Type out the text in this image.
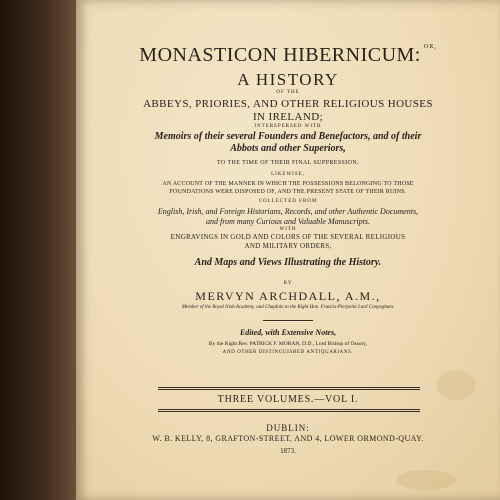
MONASTICON HIBERNICUM: $^{OR,}$
A HISTORY
OF THE
ABBEYS, PRIORIES, AND OTHER RELIGIOUS HOUSES
IN IRELAND;
INTERSPERSED WITH
Memoirs of their several Founders and Benefactors, and of their
Abbots and other Superiors,
TO THE TIME OF THEIR FINAL SUPPRESSION.
LIKEWISE,
AN ACCOUNT OF THE MANNER IN WHICH THE POSSESSIONS BELONGING TO THOSE
FOUNDATIONS WERE DISPOSED OF, AND THE PRESENT STATE OF THEIR RUINS.
COLLECTED FROM
English, Irish, and Foreign Historians, Records, and other Authentic Documents,
and from many Curious and Valuable Manuscripts.
WITH
ENGRAVINGS IN GOLD AND COLORS OF THE SEVERAL RELIGIOUS
AND MILITARY ORDERS,
And Maps and Views Illustrating the History.
BY
MERVYN ARCHDALL, A.M.,
Member of the Royal Irish Academy, and Chaplain to the Right Hon. Francis-Pierpoint Lord Conyngham.
Edited, with Extensive Notes,
By the Right Rev. PATRICK F. MORAN, D.D., Lord Bishop of Ossory,
AND OTHER DISTINGUISHED ANTIQUARIANS.
THREE VOLUMES.—VOL I.
DUBLIN:
W. B. KELLY, 8, GRAFTON-STREET, AND 4, LOWER ORMOND-QUAY.
1873.
